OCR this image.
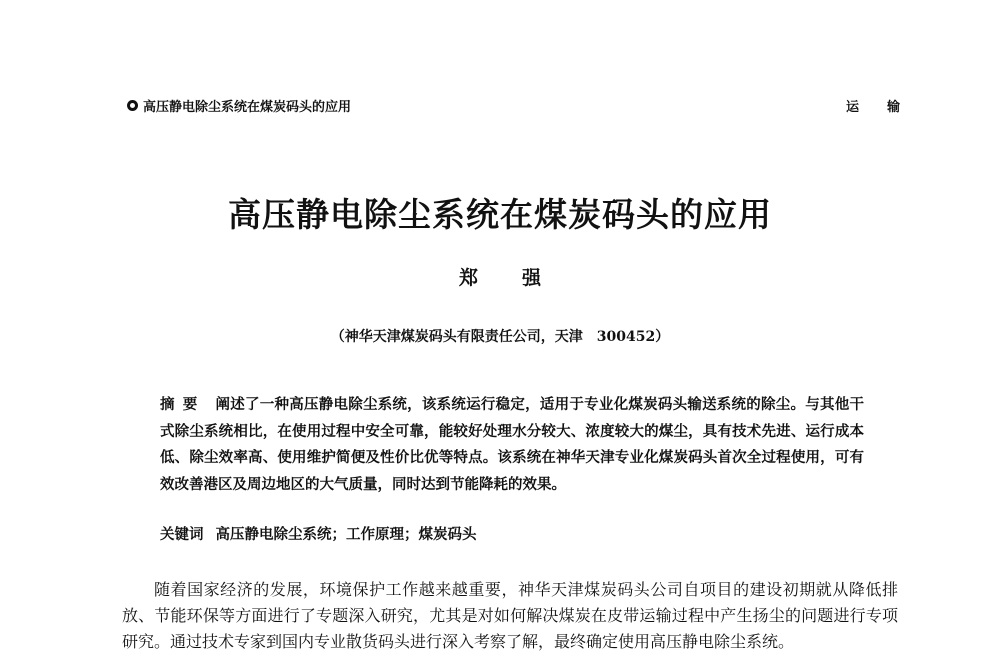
高压静电除尘系统在煤炭码头的应用	运输
高压静电除尘系统在煤炭码头的应用
郑强
（神华天津煤炭码头有限责任公司，天津　300452）

摘要 阐述了一种高压静电除尘系统，该系统运行稳定，适用于专业化煤炭码头输送系统的除尘。与其他干式除尘系统相比，在使用过程中安全可靠，能较好处理水分较大、浓度较大的煤尘，具有技术先进、运行成本低、除尘效率高、使用维护简便及性价比优等特点。该系统在神华天津专业化煤炭码头首次全过程使用，可有效改善港区及周边地区的大气质量，同时达到节能降耗的效果。

关键词 高压静电除尘系统；工作原理；煤炭码头

随着国家经济的发展，环境保护工作越来越重要，神华天津煤炭码头公司自项目的建设初期就从降低排放、节能环保等方面进行了专题深入研究，尤其是对如何解决煤炭在皮带运输过程中产生扬尘的问题进行专项研究。通过技术专家到国内专业散货码头进行深入考察了解，最终确定使用高压静电除尘系统。
